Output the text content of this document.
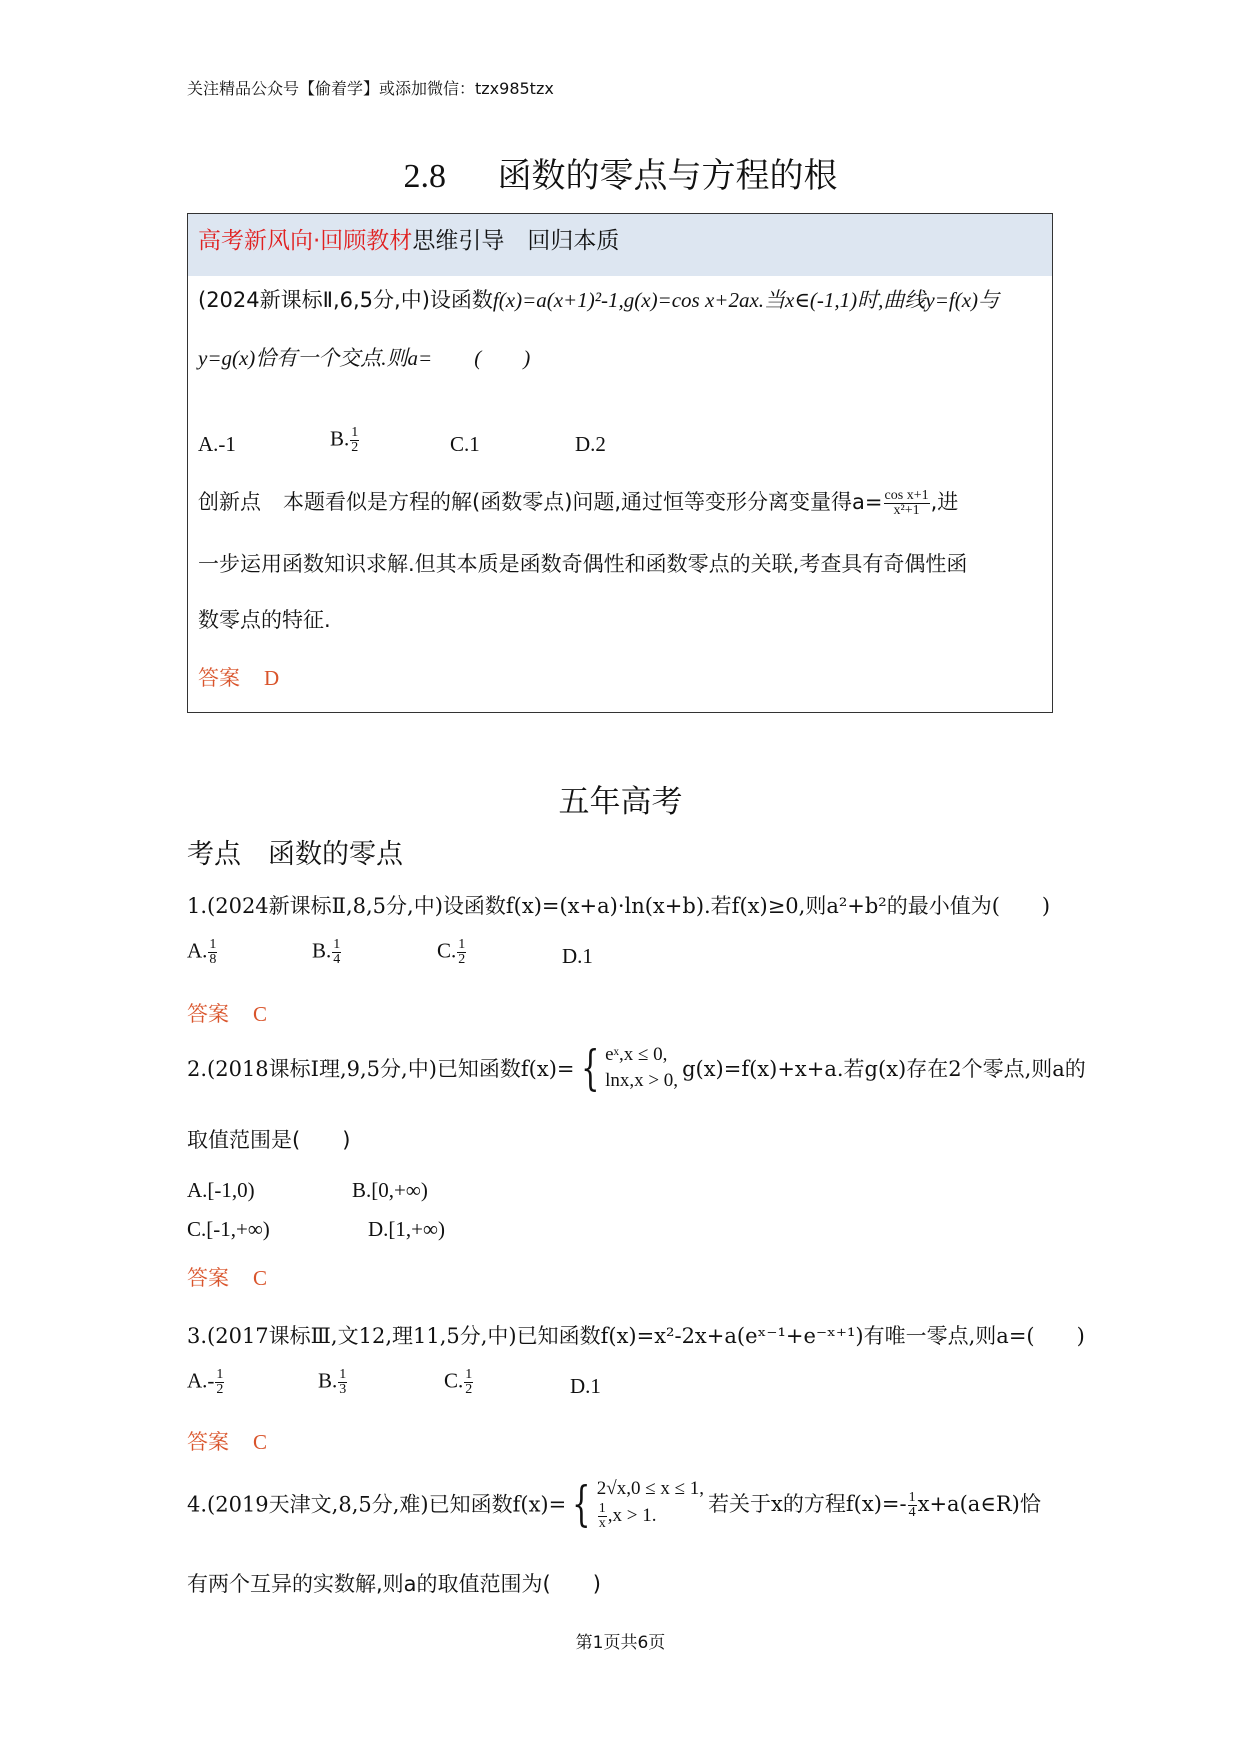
关注精品公众号【偷着学】或添加微信：tzx985tzx
2.8 函数的零点与方程的根
高考新风向·回顾教材思维引导　回归本质
(2024新课标Ⅱ,6,5分,中)设函数f(x)=a(x+1)²-1,g(x)=cos x+2ax.当x∈(-1,1)时,曲线y=f(x)与
y=g(x)恰有一个交点.则a=　　(　　)
A.-1	B. $\frac{1}{2}$	C.1	D.2
创新点 本题看似是方程的解(函数零点)问题,通过恒等变形分离变量得$a= \frac{\text{cos x+1}}{\text{x²+1}}$ ,进
一步运用函数知识求解.但其本质是函数奇偶性和函数零点的关联,考查具有奇偶性函
数零点的特征.
答案 D
五年高考
考点　函数的零点
1.(2024新课标Ⅱ,8,5分,中)设函数f(x)=(x+a)·ln(x+b).若f(x)≥0,则a²+b²的最小值为(　　)
A. $\frac{1}{8}$	B. $\frac{1}{4}$	C. $\frac{1}{2}$	D.1
答案 C
2.(2018课标Ⅰ理,9,5分,中)已知函数f(x)= { eˣ,x ≤ 0,
lnx,x > 0, g(x)=f(x)+x+a.若g(x)存在2个零点,则a的
取值范围是(　　)
A.[-1,0)	B.[0,+∞)
C.[-1,+∞)	D.[1,+∞)
答案 C
3.(2017课标Ⅲ,文12,理11,5分,中)已知函数f(x)=x²-2x+a(eˣ⁻¹+e⁻ˣ⁺¹)有唯一零点,则a=(　　)
$A.- \frac{1}{2}$	B. $\frac{1}{3}$	C. $\frac{1}{2}$	D.1
答案 C
4.(2019天津文,8,5分,难)已知函数f(x)= { 2√x,0 ≤ x ≤ 1,
$\frac{1}{x} ,x > 1$.	若关于x的方程$f(x)=- \frac{1}{4}$ x+a(a∈R)恰
有两个互异的实数解,则a的取值范围为(　　)
第1页共6页
